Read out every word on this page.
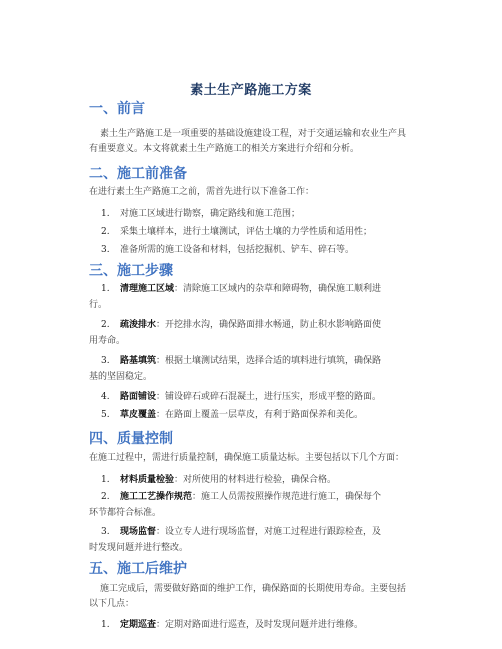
素土生产路施工方案
一、前言
素土生产路施工是一项重要的基础设施建设工程，对于交通运输和农业生产具
有重要意义。本文将就素土生产路施工的相关方案进行介绍和分析。
二、施工前准备
在进行素土生产路施工之前，需首先进行以下准备工作：
1. 对施工区域进行勘察，确定路线和施工范围；
2. 采集土壤样本，进行土壤测试，评估土壤的力学性质和适用性；
3. 准备所需的施工设备和材料，包括挖掘机、铲车、碎石等。
三、施工步骤
1. 清理施工区域：清除施工区域内的杂草和障碍物，确保施工顺利进
行。
2. 疏浚排水：开挖排水沟，确保路面排水畅通，防止积水影响路面使
用寿命。
3. 路基填筑：根据土壤测试结果，选择合适的填料进行填筑，确保路
基的坚固稳定。
4. 路面铺设：铺设碎石或碎石混凝土，进行压实，形成平整的路面。
5. 草皮覆盖：在路面上覆盖一层草皮，有利于路面保养和美化。
四、质量控制
在施工过程中，需进行质量控制，确保施工质量达标。主要包括以下几个方面：
1. 材料质量检验：对所使用的材料进行检验，确保合格。
2. 施工工艺操作规范：施工人员需按照操作规范进行施工，确保每个
环节都符合标准。
3. 现场监督：设立专人进行现场监督，对施工过程进行跟踪检查，及
时发现问题并进行整改。
五、施工后维护
施工完成后，需要做好路面的维护工作，确保路面的长期使用寿命。主要包括
以下几点：
1. 定期巡查：定期对路面进行巡查，及时发现问题并进行维修。
